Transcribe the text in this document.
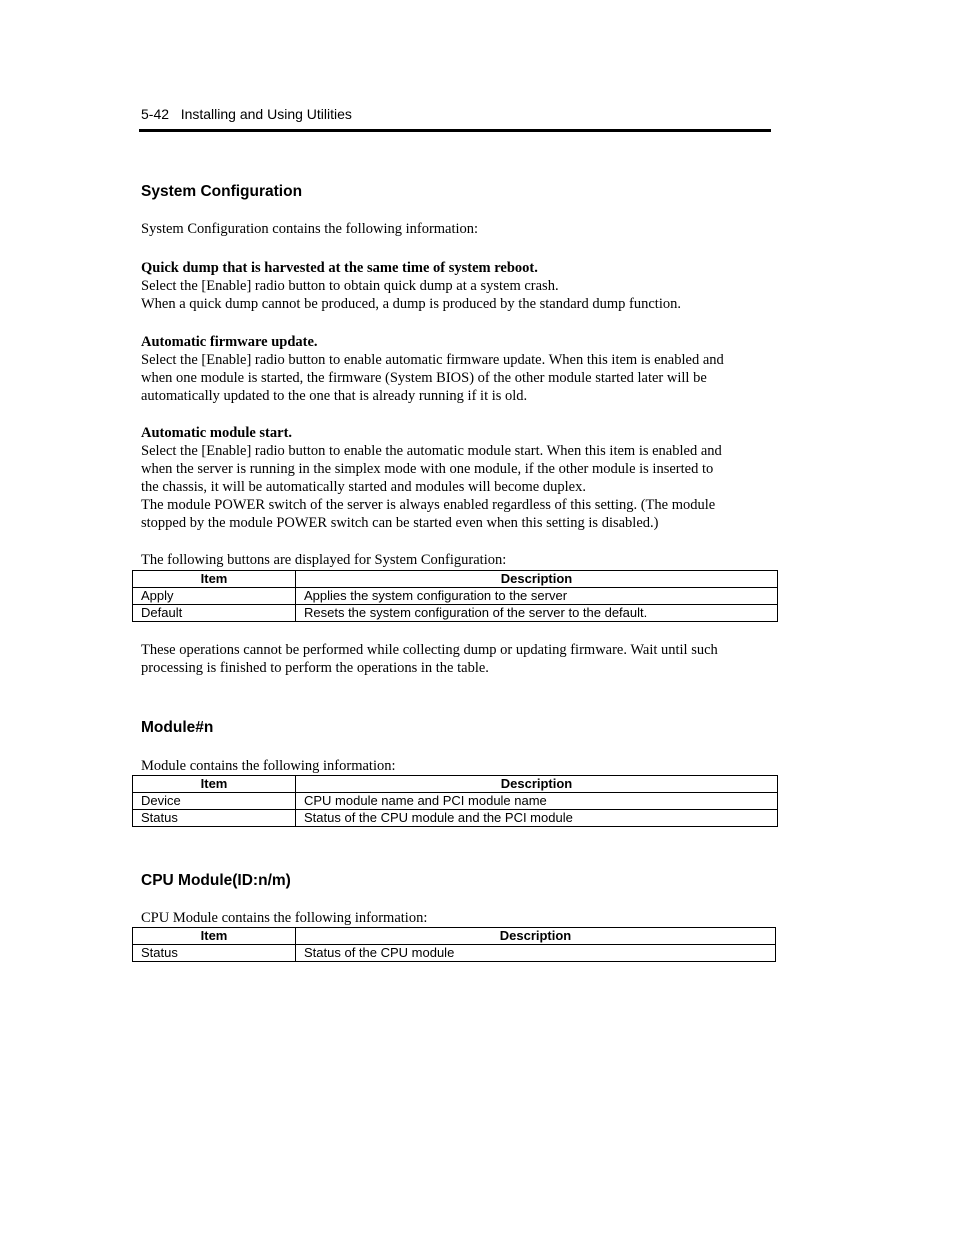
5-42 Installing and Using Utilities
System Configuration
System Configuration contains the following information:
Quick dump that is harvested at the same time of system reboot.
Select the [Enable] radio button to obtain quick dump at a system crash.
When a quick dump cannot be produced, a dump is produced by the standard dump function.
Automatic firmware update.
Select the [Enable] radio button to enable automatic firmware update. When this item is enabled and
when one module is started, the firmware (System BIOS) of the other module started later will be
automatically updated to the one that is already running if it is old.
Automatic module start.
Select the [Enable] radio button to enable the automatic module start. When this item is enabled and
when the server is running in the simplex mode with one module, if the other module is inserted to
the chassis, it will be automatically started and modules will become duplex.
The module POWER switch of the server is always enabled regardless of this setting. (The module
stopped by the module POWER switch can be started even when this setting is disabled.)
The following buttons are displayed for System Configuration:
Item	Description
Apply	Applies the system configuration to the server
Default	Resets the system configuration of the server to the default.
These operations cannot be performed while collecting dump or updating firmware. Wait until such
processing is finished to perform the operations in the table.
Module#n
Module contains the following information:
Item	Description
Device	CPU module name and PCI module name
Status	Status of the CPU module and the PCI module
CPU Module(ID:n/m)
CPU Module contains the following information:
Item	Description
Status	Status of the CPU module
